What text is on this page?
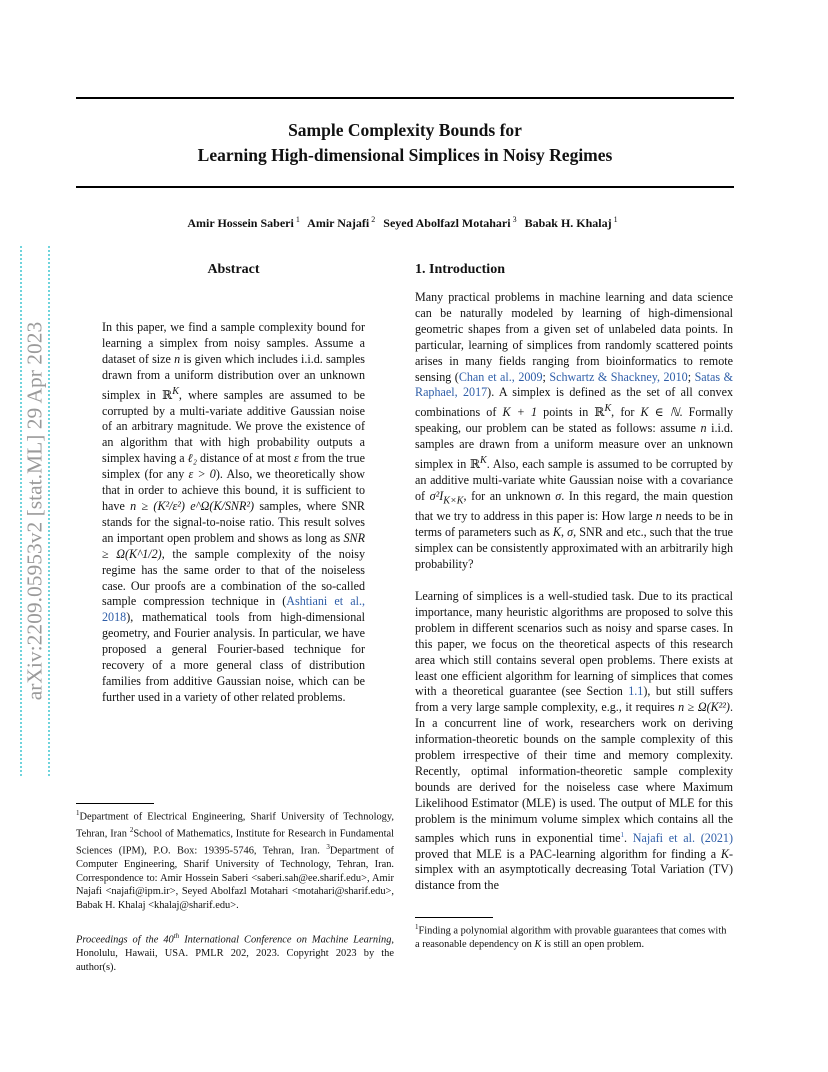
arXiv:2209.05953v2 [stat.ML] 29 Apr 2023
Sample Complexity Bounds for
Learning High-dimensional Simplices in Noisy Regimes
Amir Hossein Saberi $^1$ Amir Najafi $^2$ Seyed Abolfazl Motahari $^3$ Babak H. Khalaj $^1$
Abstract
In this paper, we find a sample complexity bound for learning a simplex from noisy samples. Assume a dataset of size n is given which includes i.i.d. samples drawn from a uniform distribution over an unknown simplex in ℝ$^K$, where samples are assumed to be corrupted by a multi-variate additive Gaussian noise of an arbitrary magnitude. We prove the existence of an algorithm that with high probability outputs a simplex having a ℓ₂ distance of at most ε from the true simplex (for any ε > 0). Also, we theoretically show that in order to achieve this bound, it is sufficient to have n ≥ (K²/ε²) e^Ω(K/SNR²) samples, where SNR stands for the signal-to-noise ratio. This result solves an important open problem and shows as long as SNR ≥ Ω(K^1/2), the sample complexity of the noisy regime has the same order to that of the noiseless case. Our proofs are a combination of the so-called sample compression technique in (Ashtiani et al., 2018), mathematical tools from high-dimensional geometry, and Fourier analysis. In particular, we have proposed a general Fourier-based technique for recovery of a more general class of distribution families from additive Gaussian noise, which can be further used in a variety of other related problems.
1. Introduction
Many practical problems in machine learning and data science can be naturally modeled by learning of high-dimensional geometric shapes from a given set of unlabeled data points. In particular, learning of simplices from randomly scattered points arises in many fields ranging from bioinformatics to remote sensing (Chan et al., 2009; Schwartz & Shackney, 2010; Satas & Raphael, 2017). A simplex is defined as the set of all convex combinations of K + 1 points in ℝ$^K$, for K ∈ ℕ. Formally speaking, our problem can be stated as follows: assume n i.i.d. samples are drawn from a uniform measure over an unknown simplex in ℝ$^K$. Also, each sample is assumed to be corrupted by an additive multi-variate white Gaussian noise with a covariance of $\sigma^2I_{K\times K}$, for an unknown σ. In this regard, the main question that we try to address in this paper is: How large n needs to be in terms of parameters such as K, σ, SNR and etc., such that the true simplex can be consistently approximated with an arbitrarily high probability?
Learning of simplices is a well-studied task. Due to its practical importance, many heuristic algorithms are proposed to solve this problem in different scenarios such as noisy and sparse cases. In this paper, we focus on the theoretical aspects of this research area which still contains several open problems. There exists at least one efficient algorithm for learning of simplices that comes with a theoretical guarantee (see Section 1.1), but still suffers from a very large sample complexity, e.g., it requires n ≥ Ω(K²²). In a concurrent line of work, researchers work on deriving information-theoretic bounds on the sample complexity of this problem irrespective of their time and memory complexity. Recently, optimal information-theoretic sample complexity bounds are derived for the noiseless case where Maximum Likelihood Estimator (MLE) is used. The output of MLE for this problem is the minimum volume simplex which contains all the samples which runs in exponential time$^1$. Najafi et al. (2021) proved that MLE is a PAC-learning algorithm for finding a K-simplex with an asymptotically decreasing Total Variation (TV) distance from the
$^1$Department of Electrical Engineering, Sharif University of Technology, Tehran, Iran $^2$School of Mathematics, Institute for Research in Fundamental Sciences (IPM), P.O. Box: 19395-5746, Tehran, Iran. $^3$Department of Computer Engineering, Sharif University of Technology, Tehran, Iran. Correspondence to: Amir Hossein Saberi <saberi.sah@ee.sharif.edu>, Amir Najafi <najafi@ipm.ir>, Seyed Abolfazl Motahari <motahari@sharif.edu>, Babak H. Khalaj <khalaj@sharif.edu>.
Proceedings of the 40th International Conference on Machine Learning, Honolulu, Hawaii, USA. PMLR 202, 2023. Copyright 2023 by the author(s).
$^1$Finding a polynomial algorithm with provable guarantees that comes with a reasonable dependency on K is still an open problem.
